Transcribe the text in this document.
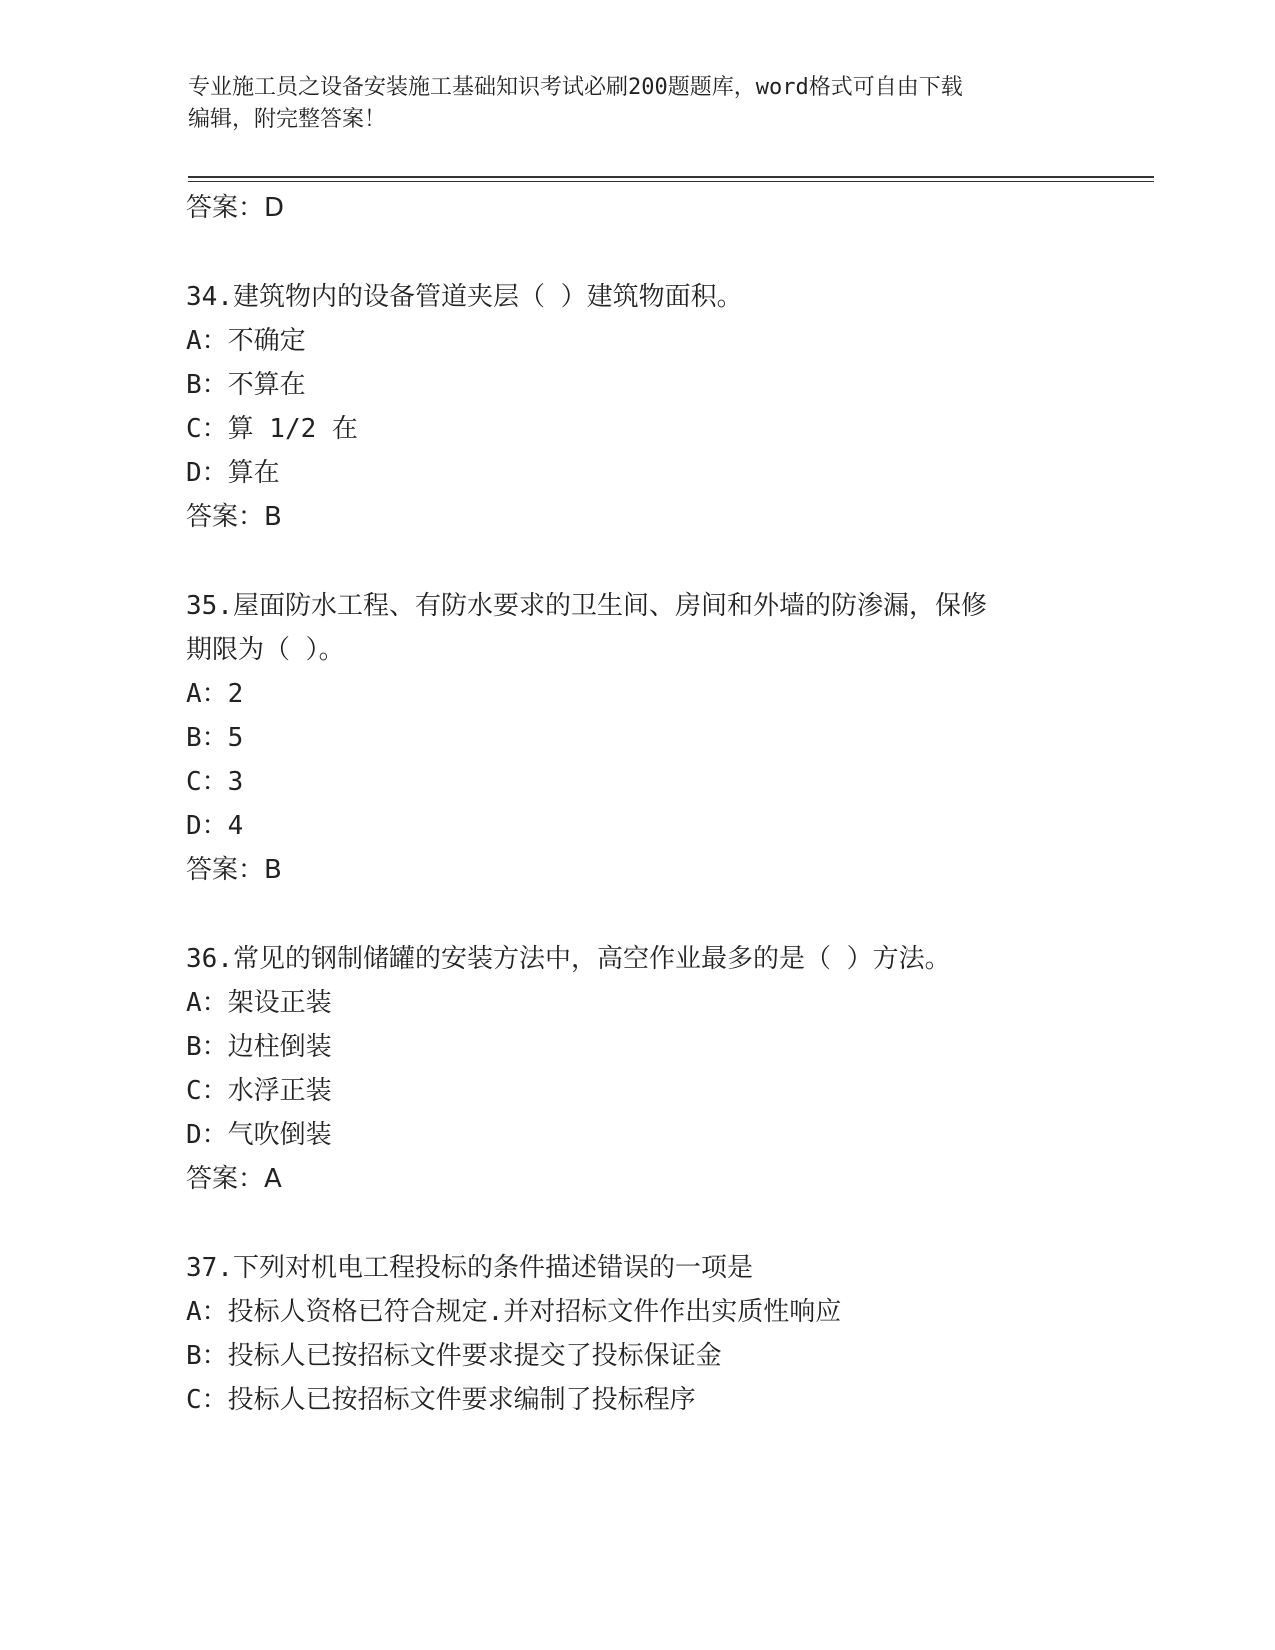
专业施工员之设备安装施工基础知识考试必刷200题题库，word格式可自由下载
编辑，附完整答案！
答案：D
34.建筑物内的设备管道夹层（ ）建筑物面积。
A：不确定
B：不算在
C：算 1/2 在
D：算在
答案：B
35.屋面防水工程、有防水要求的卫生间、房间和外墙的防渗漏，保修
期限为（ ）。
A：2
B：5
C：3
D：4
答案：B
36.常见的钢制储罐的安装方法中，高空作业最多的是（ ）方法。
A：架设正装
B：边柱倒装
C：水浮正装
D：气吹倒装
答案：A
37.下列对机电工程投标的条件描述错误的一项是
A：投标人资格已符合规定.并对招标文件作出实质性响应
B：投标人已按招标文件要求提交了投标保证金
C：投标人已按招标文件要求编制了投标程序
